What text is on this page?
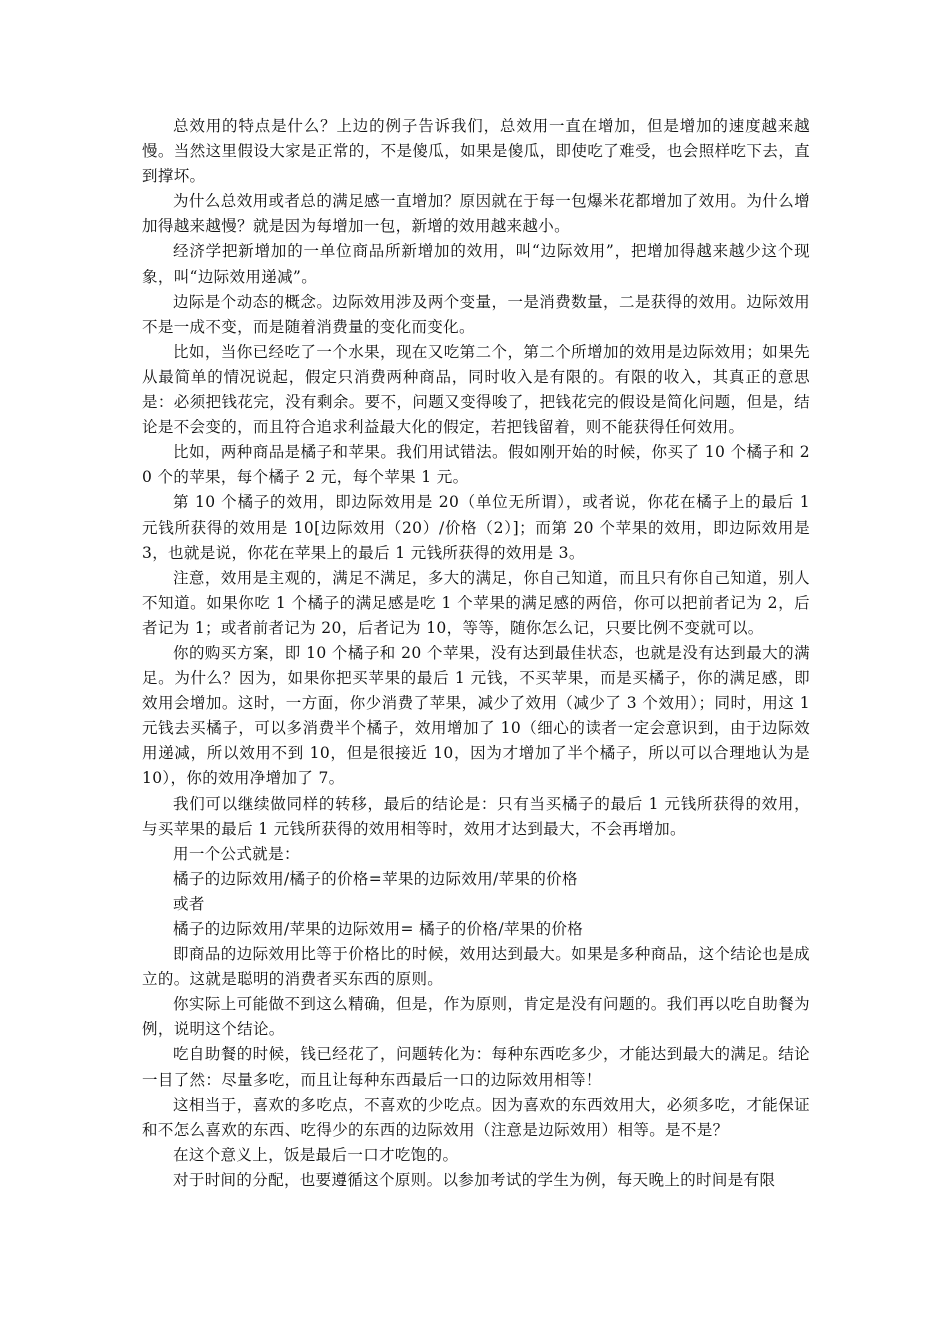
总效用的特点是什么？上边的例子告诉我们，总效用一直在增加，但是增加的速度越来越慢。当然这里假设大家是正常的，不是傻瓜，如果是傻瓜，即使吃了难受，也会照样吃下去，直到撑坏。

为什么总效用或者总的满足感一直增加？原因就在于每一包爆米花都增加了效用。为什么增加得越来越慢？就是因为每增加一包，新增的效用越来越小。

经济学把新增加的一单位商品所新增加的效用，叫“边际效用”，把增加得越来越少这个现象，叫“边际效用递减”。

边际是个动态的概念。边际效用涉及两个变量，一是消费数量，二是获得的效用。边际效用不是一成不变，而是随着消费量的变化而变化。

比如，当你已经吃了一个水果，现在又吃第二个，第二个所增加的效用是边际效用；如果先从最简单的情况说起，假定只消费两种商品，同时收入是有限的。有限的收入，其真正的意思是：必须把钱花完，没有剩余。要不，问题又变得唆了，把钱花完的假设是简化问题，但是，结论是不会变的，而且符合追求利益最大化的假定，若把钱留着，则不能获得任何效用。

比如，两种商品是橘子和苹果。我们用试错法。假如刚开始的时候，你买了 10 个橘子和 20 个的苹果，每个橘子 2 元，每个苹果 1 元。

第 10 个橘子的效用，即边际效用是 20（单位无所谓），或者说，你花在橘子上的最后 1 元钱所获得的效用是 10[边际效用（20）/价格（2）]；而第 20 个苹果的效用，即边际效用是 3，也就是说，你花在苹果上的最后 1 元钱所获得的效用是 3。

注意，效用是主观的，满足不满足，多大的满足，你自己知道，而且只有你自己知道，别人不知道。如果你吃 1 个橘子的满足感是吃 1 个苹果的满足感的两倍，你可以把前者记为 2，后者记为 1；或者前者记为 20，后者记为 10，等等，随你怎么记，只要比例不变就可以。

你的购买方案，即 10 个橘子和 20 个苹果，没有达到最佳状态，也就是没有达到最大的满足。为什么？因为，如果你把买苹果的最后 1 元钱，不买苹果，而是买橘子，你的满足感，即效用会增加。这时，一方面，你少消费了苹果，减少了效用（减少了 3 个效用）；同时，用这 1 元钱去买橘子，可以多消费半个橘子，效用增加了 10（细心的读者一定会意识到，由于边际效用递减，所以效用不到 10，但是很接近 10，因为才增加了半个橘子，所以可以合理地认为是 10），你的效用净增加了 7。

我们可以继续做同样的转移，最后的结论是：只有当买橘子的最后 1 元钱所获得的效用，与买苹果的最后 1 元钱所获得的效用相等时，效用才达到最大，不会再增加。

用一个公式就是：

橘子的边际效用/橘子的价格=苹果的边际效用/苹果的价格

或者

橘子的边际效用/苹果的边际效用= 橘子的价格/苹果的价格

即商品的边际效用比等于价格比的时候，效用达到最大。如果是多种商品，这个结论也是成立的。这就是聪明的消费者买东西的原则。

你实际上可能做不到这么精确，但是，作为原则，肯定是没有问题的。我们再以吃自助餐为例，说明这个结论。

吃自助餐的时候，钱已经花了，问题转化为：每种东西吃多少，才能达到最大的满足。结论一目了然：尽量多吃，而且让每种东西最后一口的边际效用相等！

这相当于，喜欢的多吃点，不喜欢的少吃点。因为喜欢的东西效用大，必须多吃，才能保证和不怎么喜欢的东西、吃得少的东西的边际效用（注意是边际效用）相等。是不是？

在这个意义上，饭是最后一口才吃饱的。

对于时间的分配，也要遵循这个原则。以参加考试的学生为例，每天晚上的时间是有限
